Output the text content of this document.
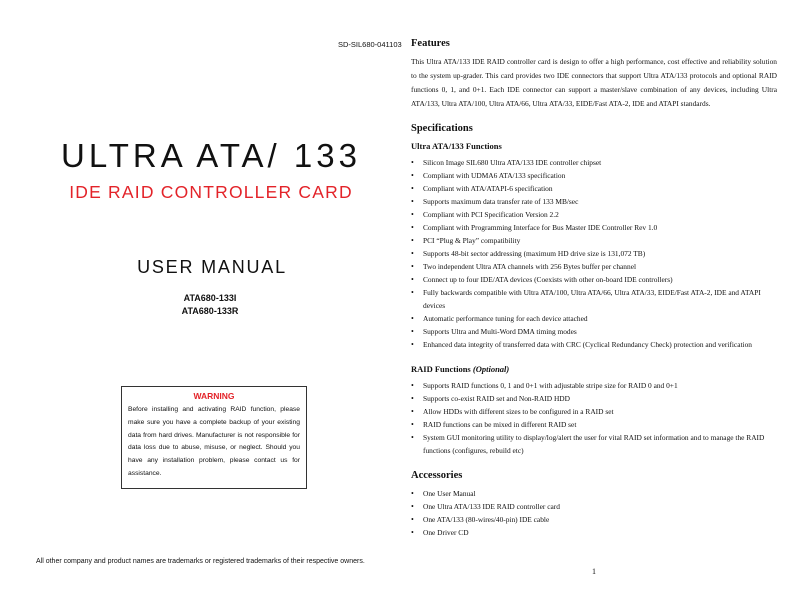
SD-SIL680-041103
ULTRA ATA/ 133
IDE RAID CONTROLLER CARD
USER MANUAL
ATA680-133I
ATA680-133R
WARNING
Before installing and activating RAID function, please make sure you have a complete backup of your existing data from hard drives. Manufacturer is not responsible for data loss due to abuse, misuse, or neglect. Should you have any installation problem, please contact us for assistance.
All other company and product names are trademarks or registered trademarks of their respective owners.

Features

This Ultra ATA/133 IDE RAID controller card is design to offer a high performance, cost effective and reliability solution to the system up-grader. This card provides two IDE connectors that support Ultra ATA/133 protocols and optional RAID functions 0, 1, and 0+1. Each IDE connector can support a master/slave combination of any devices, including Ultra ATA/133, Ultra ATA/100, Ultra ATA/66, Ultra ATA/33, EIDE/Fast ATA-2, IDE and ATAPI standards.

Specifications

Ultra ATA/133 Functions

• Silicon Image SIL680 Ultra ATA/133 IDE controller chipset
• Compliant with UDMA6 ATA/133 specification
• Compliant with ATA/ATAPI-6 specification
• Supports maximum data transfer rate of 133 MB/sec
• Compliant with PCI Specification Version 2.2
• Compliant with Programming Interface for Bus Master IDE Controller Rev 1.0
• PCI “Plug & Play” compatibility
• Supports 48-bit sector addressing (maximum HD drive size is 131,072 TB)
• Two independent Ultra ATA channels with 256 Bytes buffer per channel
• Connect up to four IDE/ATA devices (Coexists with other on-board IDE controllers)
• Fully backwards compatible with Ultra ATA/100, Ultra ATA/66, Ultra ATA/33, EIDE/Fast ATA-2, IDE and ATAPI devices
• Automatic performance tuning for each device attached
• Supports Ultra and Multi-Word DMA timing modes
• Enhanced data integrity of transferred data with CRC (Cyclical Redundancy Check) protection and verification

RAID Functions (Optional)

• Supports RAID functions 0, 1 and 0+1 with adjustable stripe size for RAID 0 and 0+1
• Supports co-exist RAID set and Non-RAID HDD
• Allow HDDs with different sizes to be configured in a RAID set
• RAID functions can be mixed in different RAID set
• System GUI monitoring utility to display/log/alert the user for vital RAID set information and to manage the RAID functions (configures, rebuild etc)

Accessories

• One User Manual
• One Ultra ATA/133 IDE RAID controller card
• One ATA/133 (80-wires/40-pin) IDE cable
• One Driver CD
1
